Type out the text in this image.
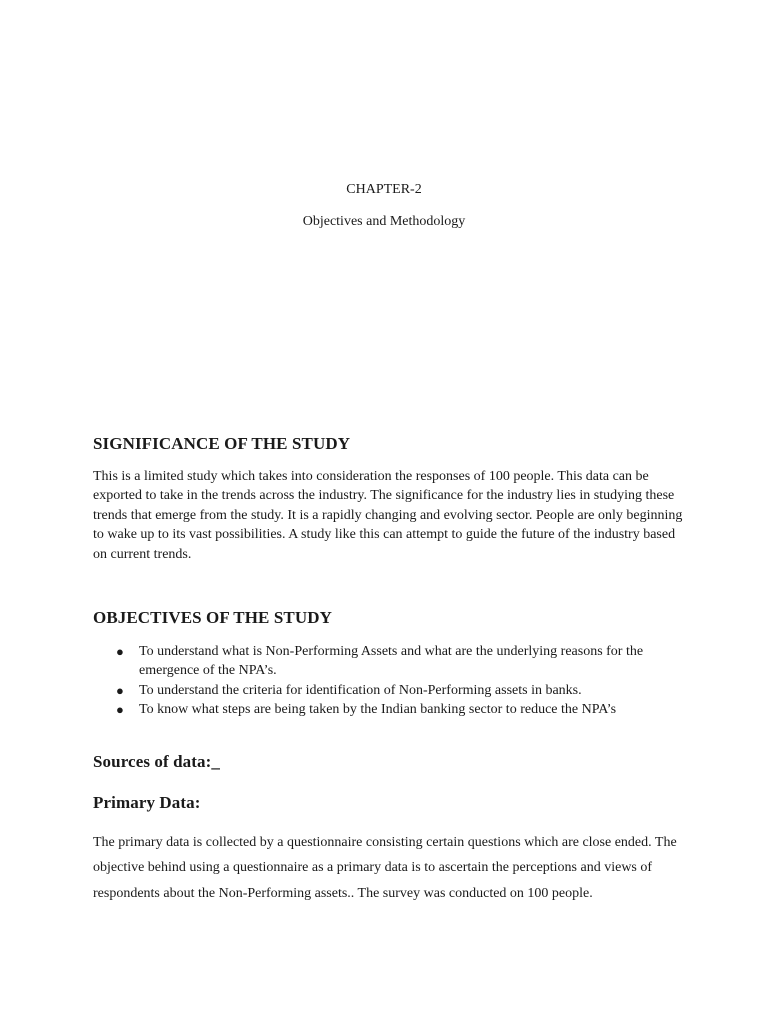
CHAPTER-2
Objectives and Methodology
SIGNIFICANCE OF THE STUDY

This is a limited study which takes into consideration the responses of 100 people. This data can be exported to take in the trends across the industry. The significance for the industry lies in studying these trends that emerge from the study. It is a rapidly changing and evolving sector. People are only beginning to wake up to its vast possibilities. A study like this can attempt to guide the future of the industry based on current trends.

OBJECTIVES OF THE STUDY
● To understand what is Non-Performing Assets and what are the underlying reasons for the emergence of the NPA’s.
● To understand the criteria for identification of Non-Performing assets in banks.
● To know what steps are being taken by the Indian banking sector to reduce the NPA’s
Sources of data:_
Primary Data:

The primary data is collected by a questionnaire consisting certain questions which are close ended. The objective behind using a questionnaire as a primary data is to ascertain the perceptions and views of respondents about the Non-Performing assets.. The survey was conducted on 100 people.
